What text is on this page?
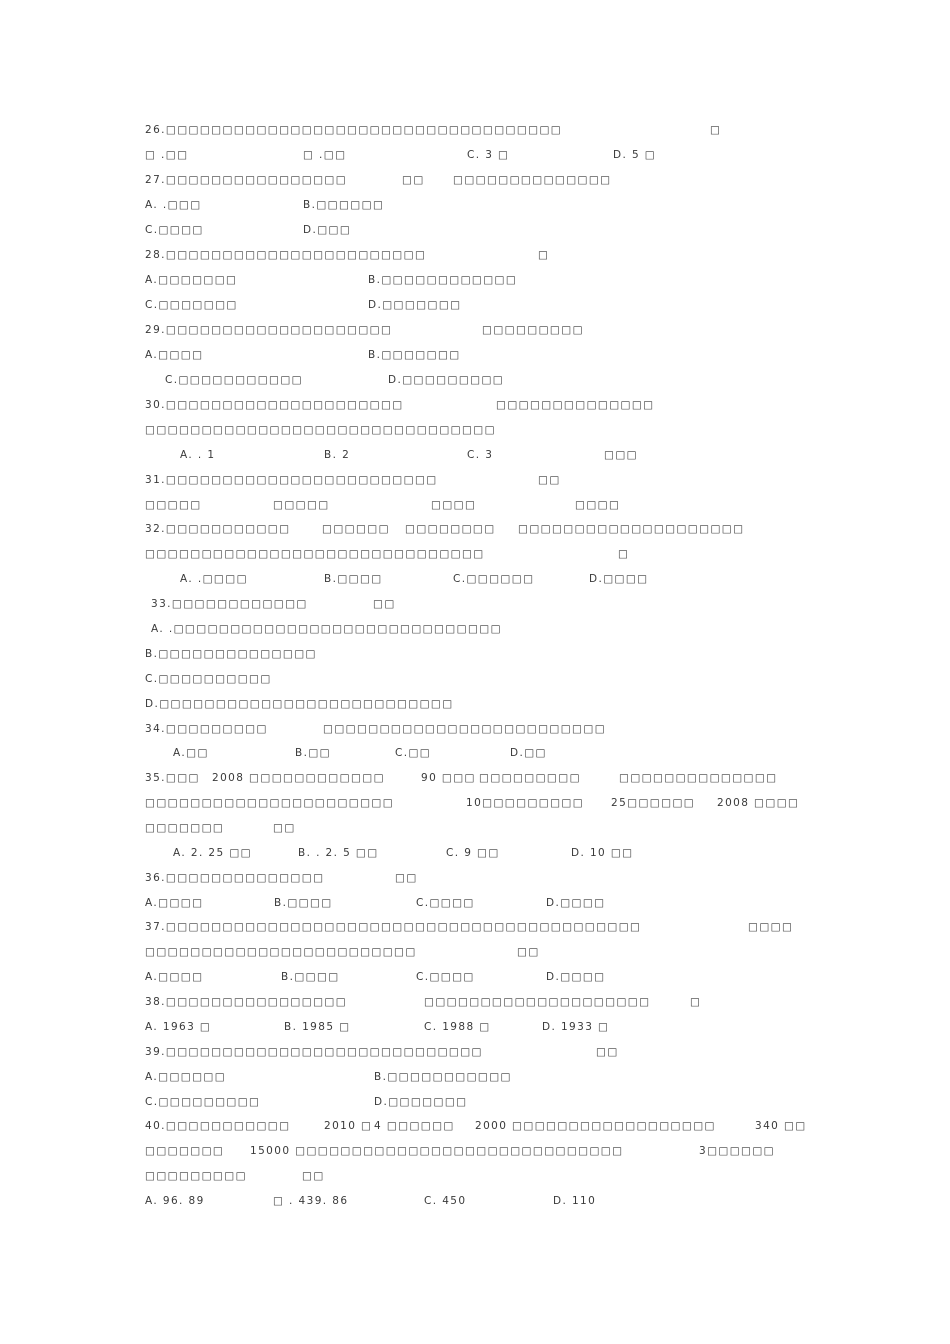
26.□□□□□□□□□□□□□□□□□□□□□□□□□□□□□□□□□□□	□
□ .□□	□ .□□	C. 3 □	D. 5 □
27.□□□□□□□□□□□□□□□□	□□	□□□□□□□□□□□□□□
A. .□□□	B.□□□□□□
C.□□□□	D.□□□
28.□□□□□□□□□□□□□□□□□□□□□□□	□
A.□□□□□□□	B.□□□□□□□□□□□□
C.□□□□□□□	D.□□□□□□□
29.□□□□□□□□□□□□□□□□□□□□	□□□□□□□□□
A.□□□□	B.□□□□□□□
C.□□□□□□□□□□□	D.□□□□□□□□□
30.□□□□□□□□□□□□□□□□□□□□□	□□□□□□□□□□□□□□
□□□□□□□□□□□□□□□□□□□□□□□□□□□□□□□
A. . 1	B. 2	C. 3	□□□
31.□□□□□□□□□□□□□□□□□□□□□□□□	□□
□□□□□	□□□□□	□□□□	□□□□
32.□□□□□□□□□□□	□□□□□□ □□□□□□□□ □□□□□□□□□□□□□□□□□□□□
□□□□□□□□□□□□□□□□□□□□□□□□□□□□□□	□
A. .□□□□	B.□□□□	C.□□□□□□	D.□□□□
33.□□□□□□□□□□□□	□□
A. .□□□□□□□□□□□□□□□□□□□□□□□□□□□□□
B.□□□□□□□□□□□□□□
C.□□□□□□□□□□
D.□□□□□□□□□□□□□□□□□□□□□□□□□□
34.□□□□□□□□□	□□□□□□□□□□□□□□□□□□□□□□□□□
A.□□	B.□□	C.□□	D.□□
35.□□□ 2008 □□□□□□□□□□□□	90 □□□ □□□□□□□□□	□□□□□□□□□□□□□□
□□□□□□□□□□□□□□□□□□□□□□	10□□□□□□□□□	25□□□□□□ 2008 □□□□
□□□□□□□	□□
A. 2. 25 □□	B. . 2. 5 □□	C. 9 □□	D. 10 □□
36.□□□□□□□□□□□□□□	□□
A.□□□□	B.□□□□	C.□□□□	D.□□□□
37.□□□□□□□□□□□□□□□□□□□□□□□□□□□□□□□□□□□□□□□□□□	□□□□
□□□□□□□□□□□□□□□□□□□□□□□□	□□
A.□□□□	B.□□□□	C.□□□□	D.□□□□
38.□□□□□□□□□□□□□□□□	□□□□□□□□□□□□□□□□□□□□	□
A. 1963 □	B. 1985 □	C. 1988 □	D. 1933 □
39.□□□□□□□□□□□□□□□□□□□□□□□□□□□□	□□
A.□□□□□□	B.□□□□□□□□□□□
C.□□□□□□□□□	D.□□□□□□□
40.□□□□□□□□□□□	2010 □ 4 □□□□□□ 2000 □□□□□□□□□□□□□□□□□□	340 □□
□□□□□□□ 15000 □□□□□□□□□□□□□□□□□□□□□□□□□□□□□	3□□□□□□
□□□□□□□□□	□□
A. 96. 89	□ . 439. 86	C. 450	D. 110
